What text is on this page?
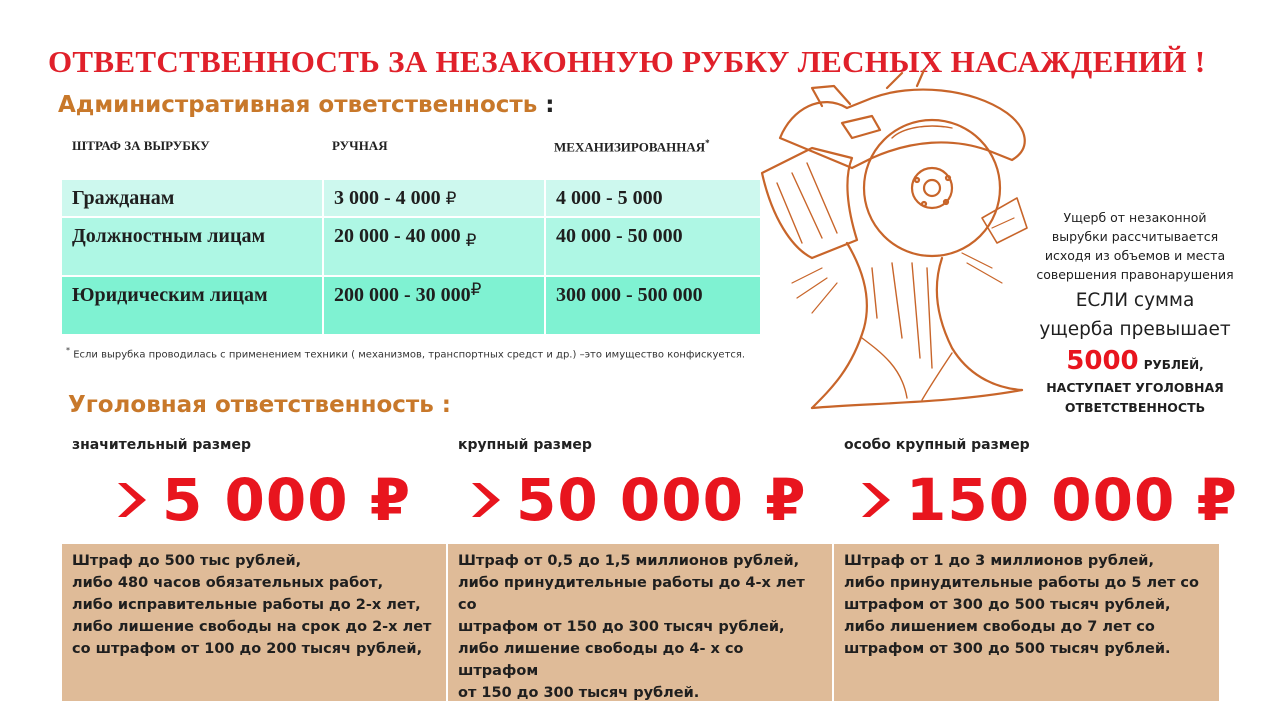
ОТВЕТСТВЕННОСТЬ ЗА НЕЗАКОННУЮ РУБКУ ЛЕСНЫХ НАСАЖДЕНИЙ !
Административная ответственность :
ШТРАФ ЗА ВЫРУБКУ	РУЧНАЯ	МЕХАНИЗИРОВАННАЯ*
Гражданам	3 000 - 4 000 ₽	4 000 - 5 000
Должностным лицам	20 000 - 40 000 $_₽$	40 000 - 50 000
Юридическим лицам	200 000 - 30 000₽	300 000 - 500 000
* Если вырубка проводилась с применением техники ( механизмов, транспортных средст и др.) –это имущество конфискуется.
Ущерб от незаконной
вырубки рассчитывается
исходя из объемов и места
совершения правонарушения
ЕСЛИ сумма
ущерба превышает
5000 РУБЛЕЙ,
НАСТУПАЕТ УГОЛОВНАЯ
ОТВЕТСТВЕННОСТЬ
Уголовная ответственность :
значительный размер	крупный размер	особо крупный размер
5 000 ₽ 50 000 ₽ 150 000 ₽
Штраф до 500 тыс рублей,
либо 480 часов обязательных работ,
либо исправительные работы до 2-х лет,
либо лишение свободы на срок до 2-х лет
со штрафом от 100 до 200 тысяч рублей,
Штраф от 0,5 до 1,5 миллионов рублей,
либо принудительные работы до 4-х лет со
штрафом от 150 до 300 тысяч рублей,
либо лишение свободы до 4- х со штрафом
от 150 до 300 тысяч рублей.
Штраф от 1 до 3 миллионов рублей,
либо принудительные работы до 5 лет со
штрафом от 300 до 500 тысяч рублей,
либо лишением свободы до 7 лет со
штрафом от 300 до 500 тысяч рублей.
